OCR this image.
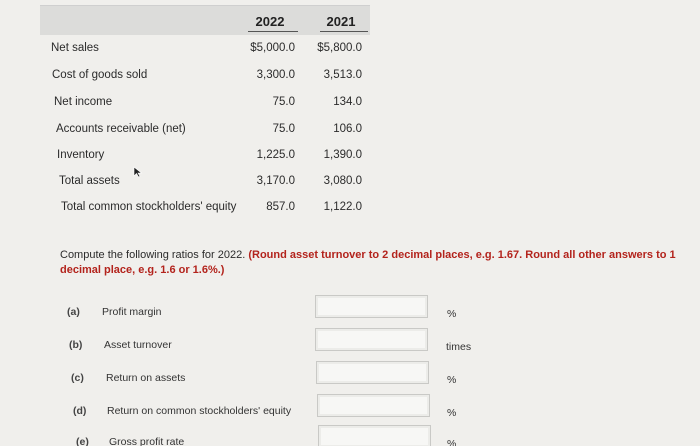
2022	2021
Net sales	$5,000.0	$5,800.0
Cost of goods sold	3,300.0	3,513.0
Net income	75.0	134.0
Accounts receivable (net)	75.0	106.0
Inventory	1,225.0	1,390.0
Total assets	3,170.0	3,080.0
Total common stockholders' equity	857.0	1,122.0
Compute the following ratios for 2022. (Round asset turnover to 2 decimal places, e.g. 1.67. Round all other answers to 1 decimal place, e.g. 1.6 or 1.6%.)
(a) Profit margin	%
(b) Asset turnover	times
(c) Return on assets	%
(d) Return on common stockholders' equity	%
(e) Gross profit rate	%
